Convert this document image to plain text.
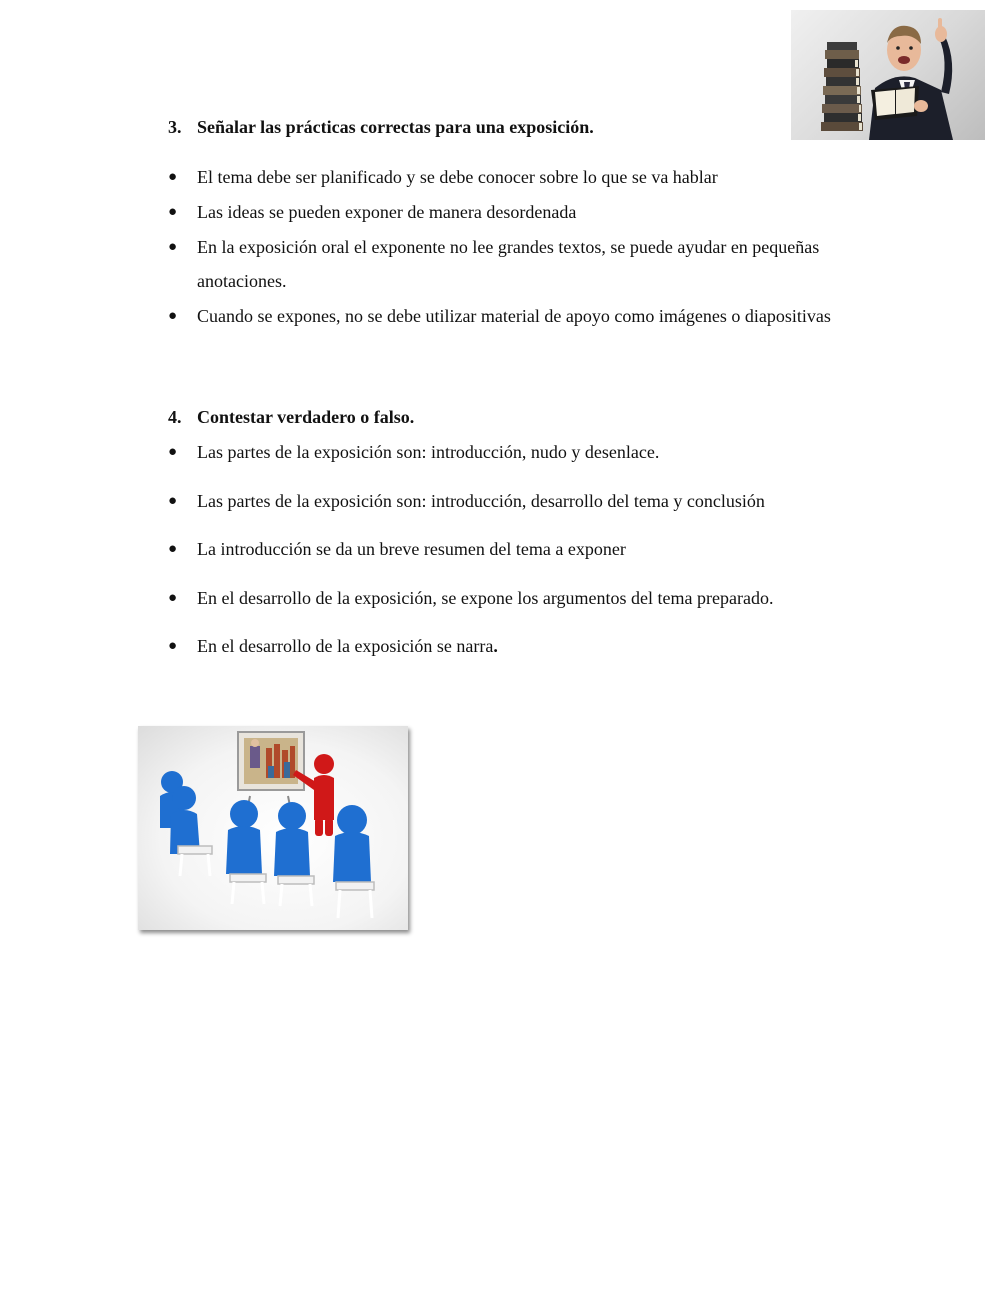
3. Señalar las prácticas correctas para una exposición.
●	El tema debe ser planificado y se debe conocer sobre lo que se va hablar
●	Las ideas se pueden exponer de manera desordenada
●	En la exposición oral el exponente no lee grandes textos, se puede ayudar en pequeñas anotaciones.
●	Cuando se expones, no se debe utilizar material de apoyo como imágenes o diapositivas
4. Contestar verdadero o falso.
●	Las partes de la exposición son: introducción, nudo y desenlace.
●	Las partes de la exposición son: introducción, desarrollo del tema y conclusión
●	La introducción se da un breve resumen del tema a exponer
●	En el desarrollo de la exposición, se expone los argumentos del tema preparado.
●	En el desarrollo de la exposición se narra.
